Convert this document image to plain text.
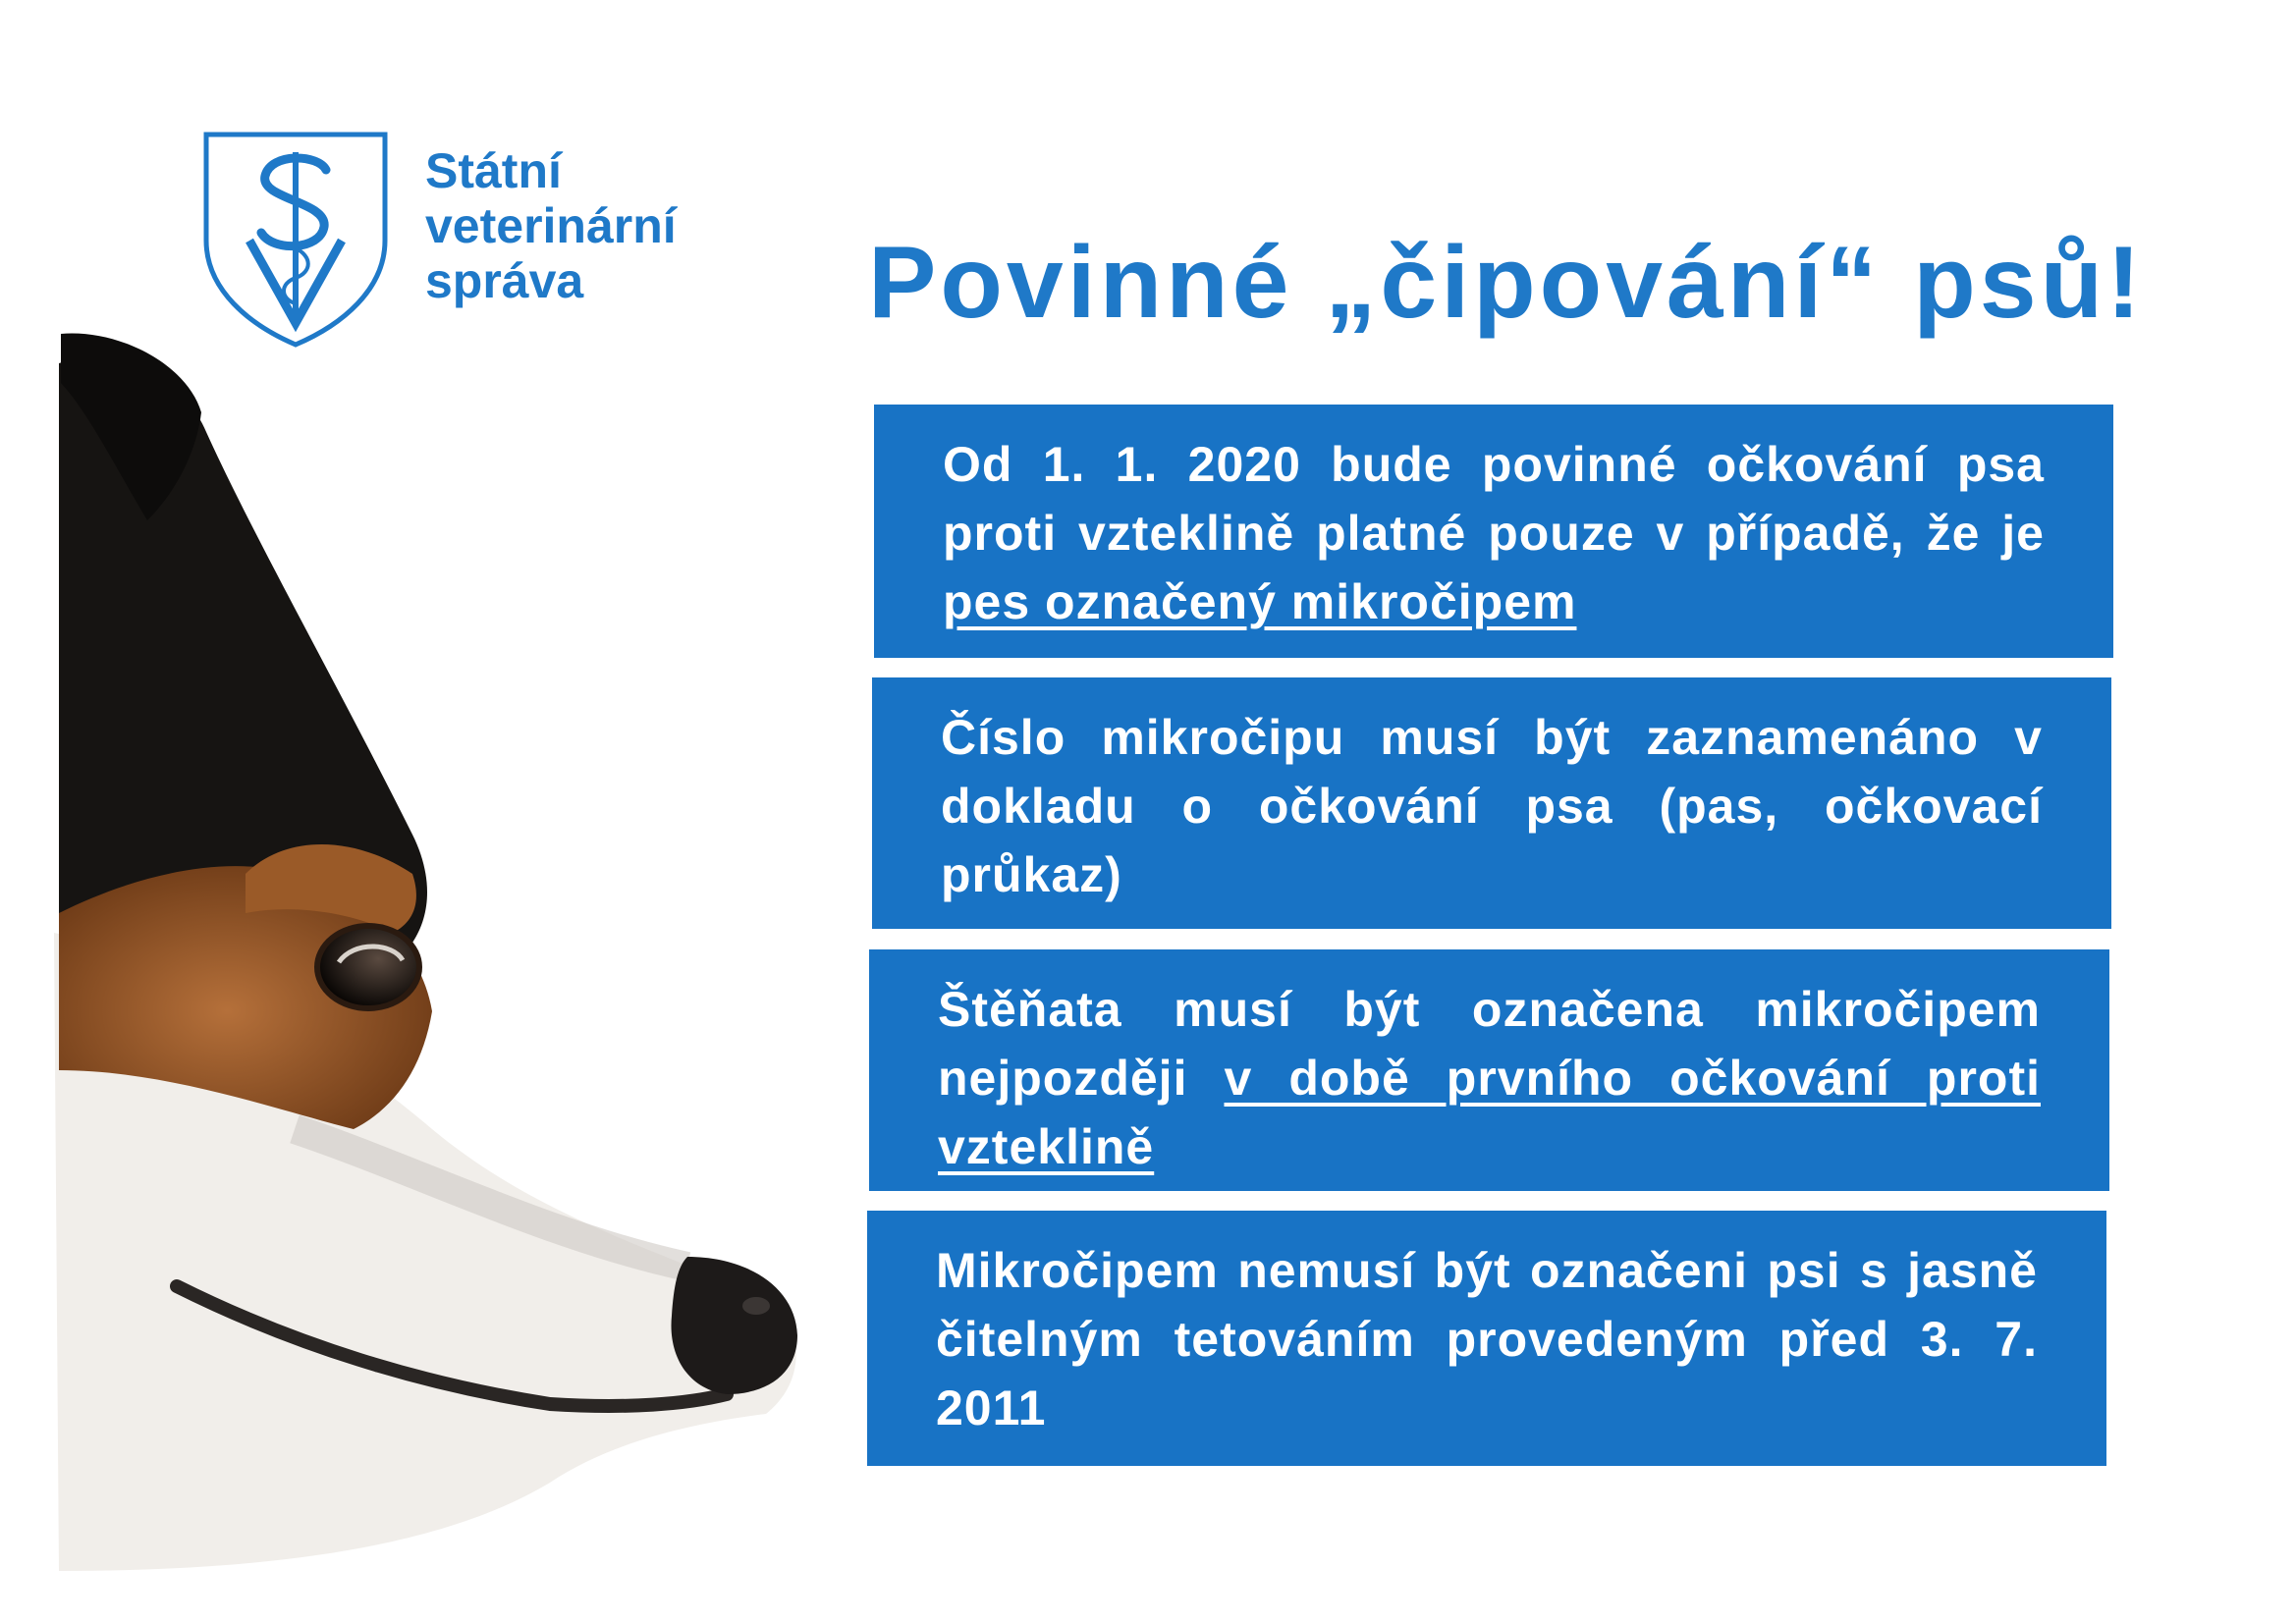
Státní
veterinární
správa	Povinné „čipování“ psů!

Od 1. 1. 2020 bude povinné očkování psa proti vzteklině platné pouze v případě, že je pes označený mikročipem

Číslo mikročipu musí být zaznamenáno v dokladu o očkování psa (pas, očkovací průkaz)

Štěňata musí být označena mikročipem nejpozději v době prvního očkování proti vzteklině

Mikročipem nemusí být označeni psi s jasně čitelným tetováním provedeným před 3. 7. 2011
